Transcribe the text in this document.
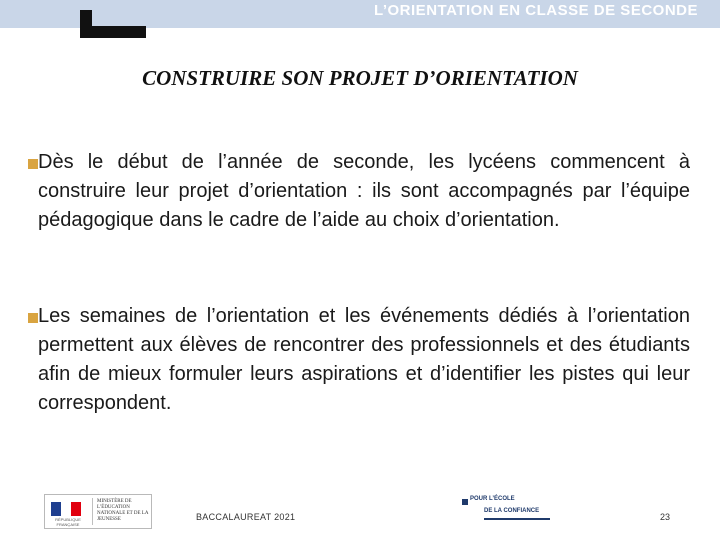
L’ORIENTATION EN CLASSE DE SECONDE
CONSTRUIRE SON PROJET D’ORIENTATION
Dès le début de l’année de seconde, les lycéens commencent à construire leur projet d’orientation : ils sont accompagnés par l’équipe pédagogique dans le cadre de l’aide au choix d’orientation.
Les semaines de l’orientation et les événements dédiés à l’orientation permettent aux élèves de rencontrer des professionnels et des étudiants afin de mieux formuler leurs aspirations et d’identifier les pistes qui leur correspondent.
RÉPUBLIQUE FRANÇAISE
MINISTÈRE DE L’ÉDUCATION NATIONALE ET DE LA JEUNESSE	BACCALAUREAT 2021
POUR L’ÉCOLE
DE LA CONFIANCE
23
